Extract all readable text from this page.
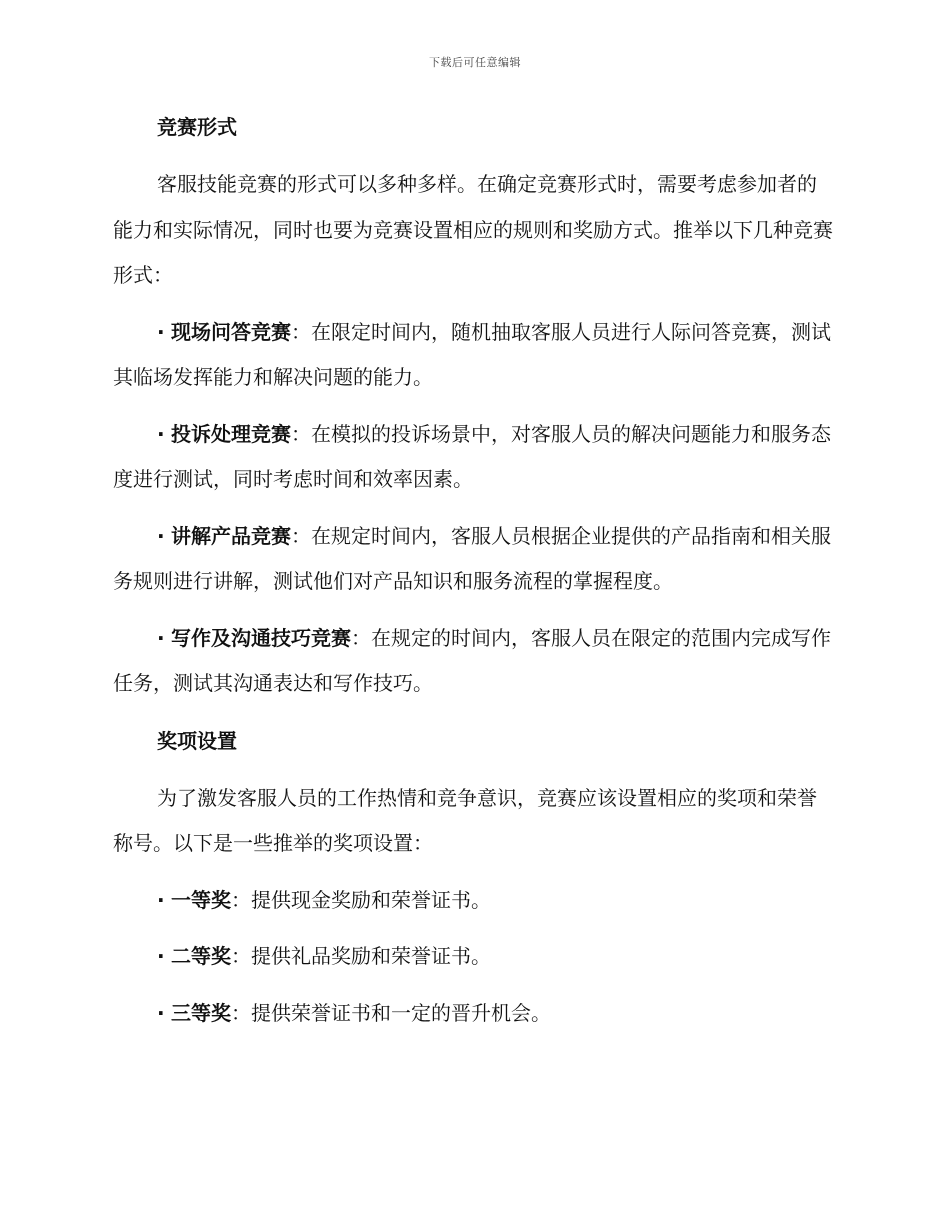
下载后可任意编辑
竞赛形式

客服技能竞赛的形式可以多种多样。在确定竞赛形式时，需要考虑参加者的能力和实际情况，同时也要为竞赛设置相应的规则和奖励方式。推举以下几种竞赛形式：

· 现场问答竞赛：在限定时间内，随机抽取客服人员进行人际问答竞赛，测试其临场发挥能力和解决问题的能力。

· 投诉处理竞赛：在模拟的投诉场景中，对客服人员的解决问题能力和服务态度进行测试，同时考虑时间和效率因素。

· 讲解产品竞赛：在规定时间内，客服人员根据企业提供的产品指南和相关服务规则进行讲解，测试他们对产品知识和服务流程的掌握程度。

· 写作及沟通技巧竞赛：在规定的时间内，客服人员在限定的范围内完成写作任务，测试其沟通表达和写作技巧。

奖项设置

为了激发客服人员的工作热情和竞争意识，竞赛应该设置相应的奖项和荣誉称号。以下是一些推举的奖项设置：

· 一等奖：提供现金奖励和荣誉证书。

· 二等奖：提供礼品奖励和荣誉证书。

· 三等奖：提供荣誉证书和一定的晋升机会。
